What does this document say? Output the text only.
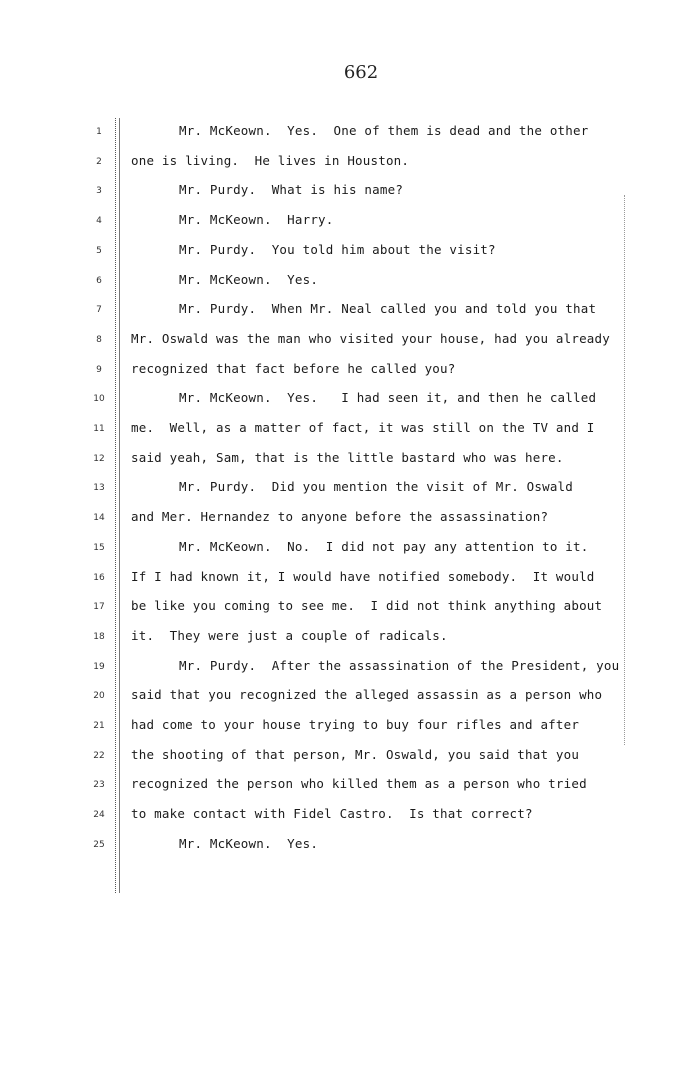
662
1	Mr. McKeown.  Yes.  One of them is dead and the other
2	one is living.  He lives in Houston.
3	Mr. Purdy.  What is his name?
4	Mr. McKeown.  Harry.
5	Mr. Purdy.  You told him about the visit?
6	Mr. McKeown.  Yes.
7	Mr. Purdy.  When Mr. Neal called you and told you that
8	Mr. Oswald was the man who visited your house, had you already
9	recognized that fact before he called you?
10	Mr. McKeown.  Yes.   I had seen it, and then he called
11	me.  Well, as a matter of fact, it was still on the TV and I
12	said yeah, Sam, that is the little bastard who was here.
13	Mr. Purdy.  Did you mention the visit of Mr. Oswald
14	and Mer. Hernandez to anyone before the assassination?
15	Mr. McKeown.  No.  I did not pay any attention to it.
16	If I had known it, I would have notified somebody.  It would
17	be like you coming to see me.  I did not think anything about
18	it.  They were just a couple of radicals.
19	Mr. Purdy.  After the assassination of the President, you
20	said that you recognized the alleged assassin as a person who
21	had come to your house trying to buy four rifles and after
22	the shooting of that person, Mr. Oswald, you said that you
23	recognized the person who killed them as a person who tried
24	to make contact with Fidel Castro.  Is that correct?
25	Mr. McKeown.  Yes.
